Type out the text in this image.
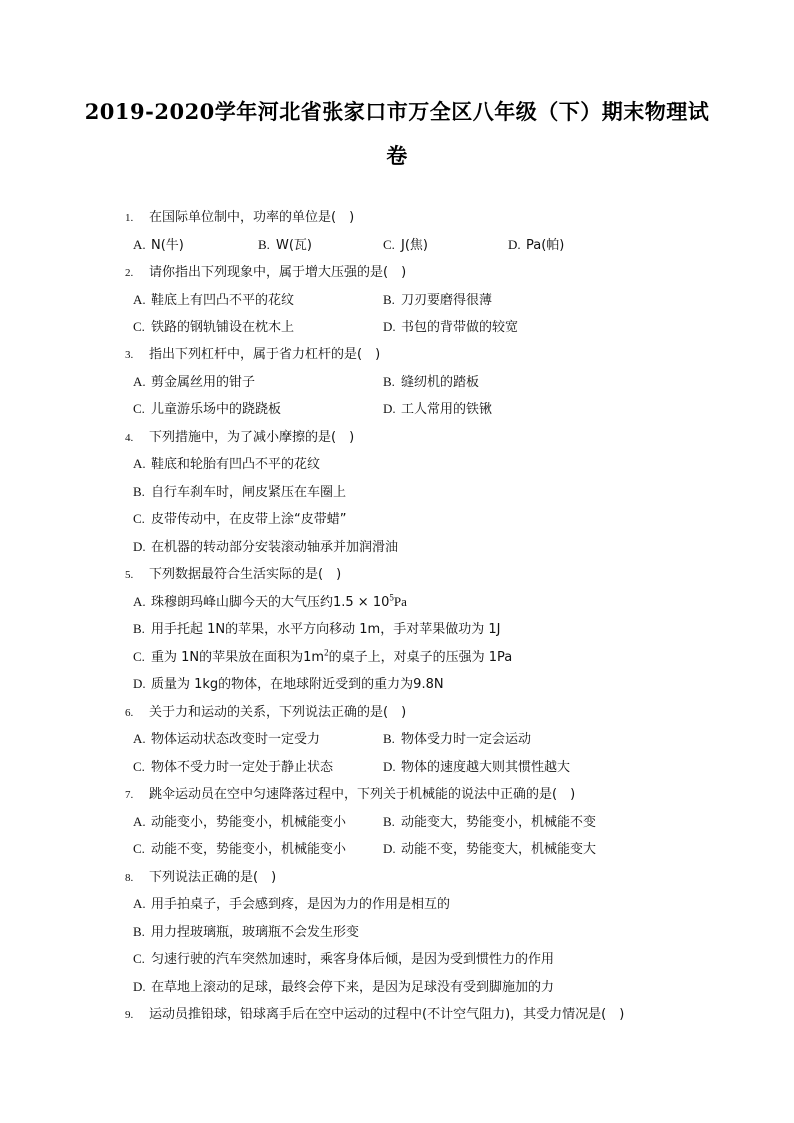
2019-2020学年河北省张家口市万全区八年级（下）期末物理试
卷
1. 在国际单位制中，功率的单位是(　)
A. N(牛)	B. W(瓦)	C. J(焦)	D. Pa(帕)
2. 请你指出下列现象中，属于增大压强的是(　)
A. 鞋底上有凹凸不平的花纹	B. 刀刃要磨得很薄
C. 铁路的钢轨铺设在枕木上	D. 书包的背带做的较宽
3. 指出下列杠杆中，属于省力杠杆的是(　)
A. 剪金属丝用的钳子	B. 缝纫机的踏板
C. 儿童游乐场中的跷跷板	D. 工人常用的铁锹
4. 下列措施中，为了减小摩擦的是(　)
A. 鞋底和轮胎有凹凸不平的花纹
B. 自行车刹车时，闸皮紧压在车圈上
C. 皮带传动中，在皮带上涂“皮带蜡”
D. 在机器的转动部分安装滚动轴承并加润滑油
5. 下列数据最符合生活实际的是(　)
A. 珠穆朗玛峰山脚今天的大气压约$1.5 \times 10^5Pa$
B. 用手托起 1N的苹果，水平方向移动 1m，手对苹果做功为 1J
C. 重为 1N的苹果放在面积为$1m^2$的桌子上，对桌子的压强为 1Pa
D. 质量为 1kg的物体，在地球附近受到的重力为9.8N
6. 关于力和运动的关系，下列说法正确的是(　)
A. 物体运动状态改变时一定受力	B. 物体受力时一定会运动
C. 物体不受力时一定处于静止状态	D. 物体的速度越大则其惯性越大
7. 跳伞运动员在空中匀速降落过程中，下列关于机械能的说法中正确的是(　)
A. 动能变小，势能变小，机械能变小	B. 动能变大，势能变小，机械能不变
C. 动能不变，势能变小，机械能变小	D. 动能不变，势能变大，机械能变大
8. 下列说法正确的是(　)
A. 用手拍桌子，手会感到疼，是因为力的作用是相互的
B. 用力捏玻璃瓶，玻璃瓶不会发生形变
C. 匀速行驶的汽车突然加速时，乘客身体后倾，是因为受到惯性力的作用
D. 在草地上滚动的足球，最终会停下来，是因为足球没有受到脚施加的力
9. 运动员推铅球，铅球离手后在空中运动的过程中(不计空气阻力)，其受力情况是(　)
